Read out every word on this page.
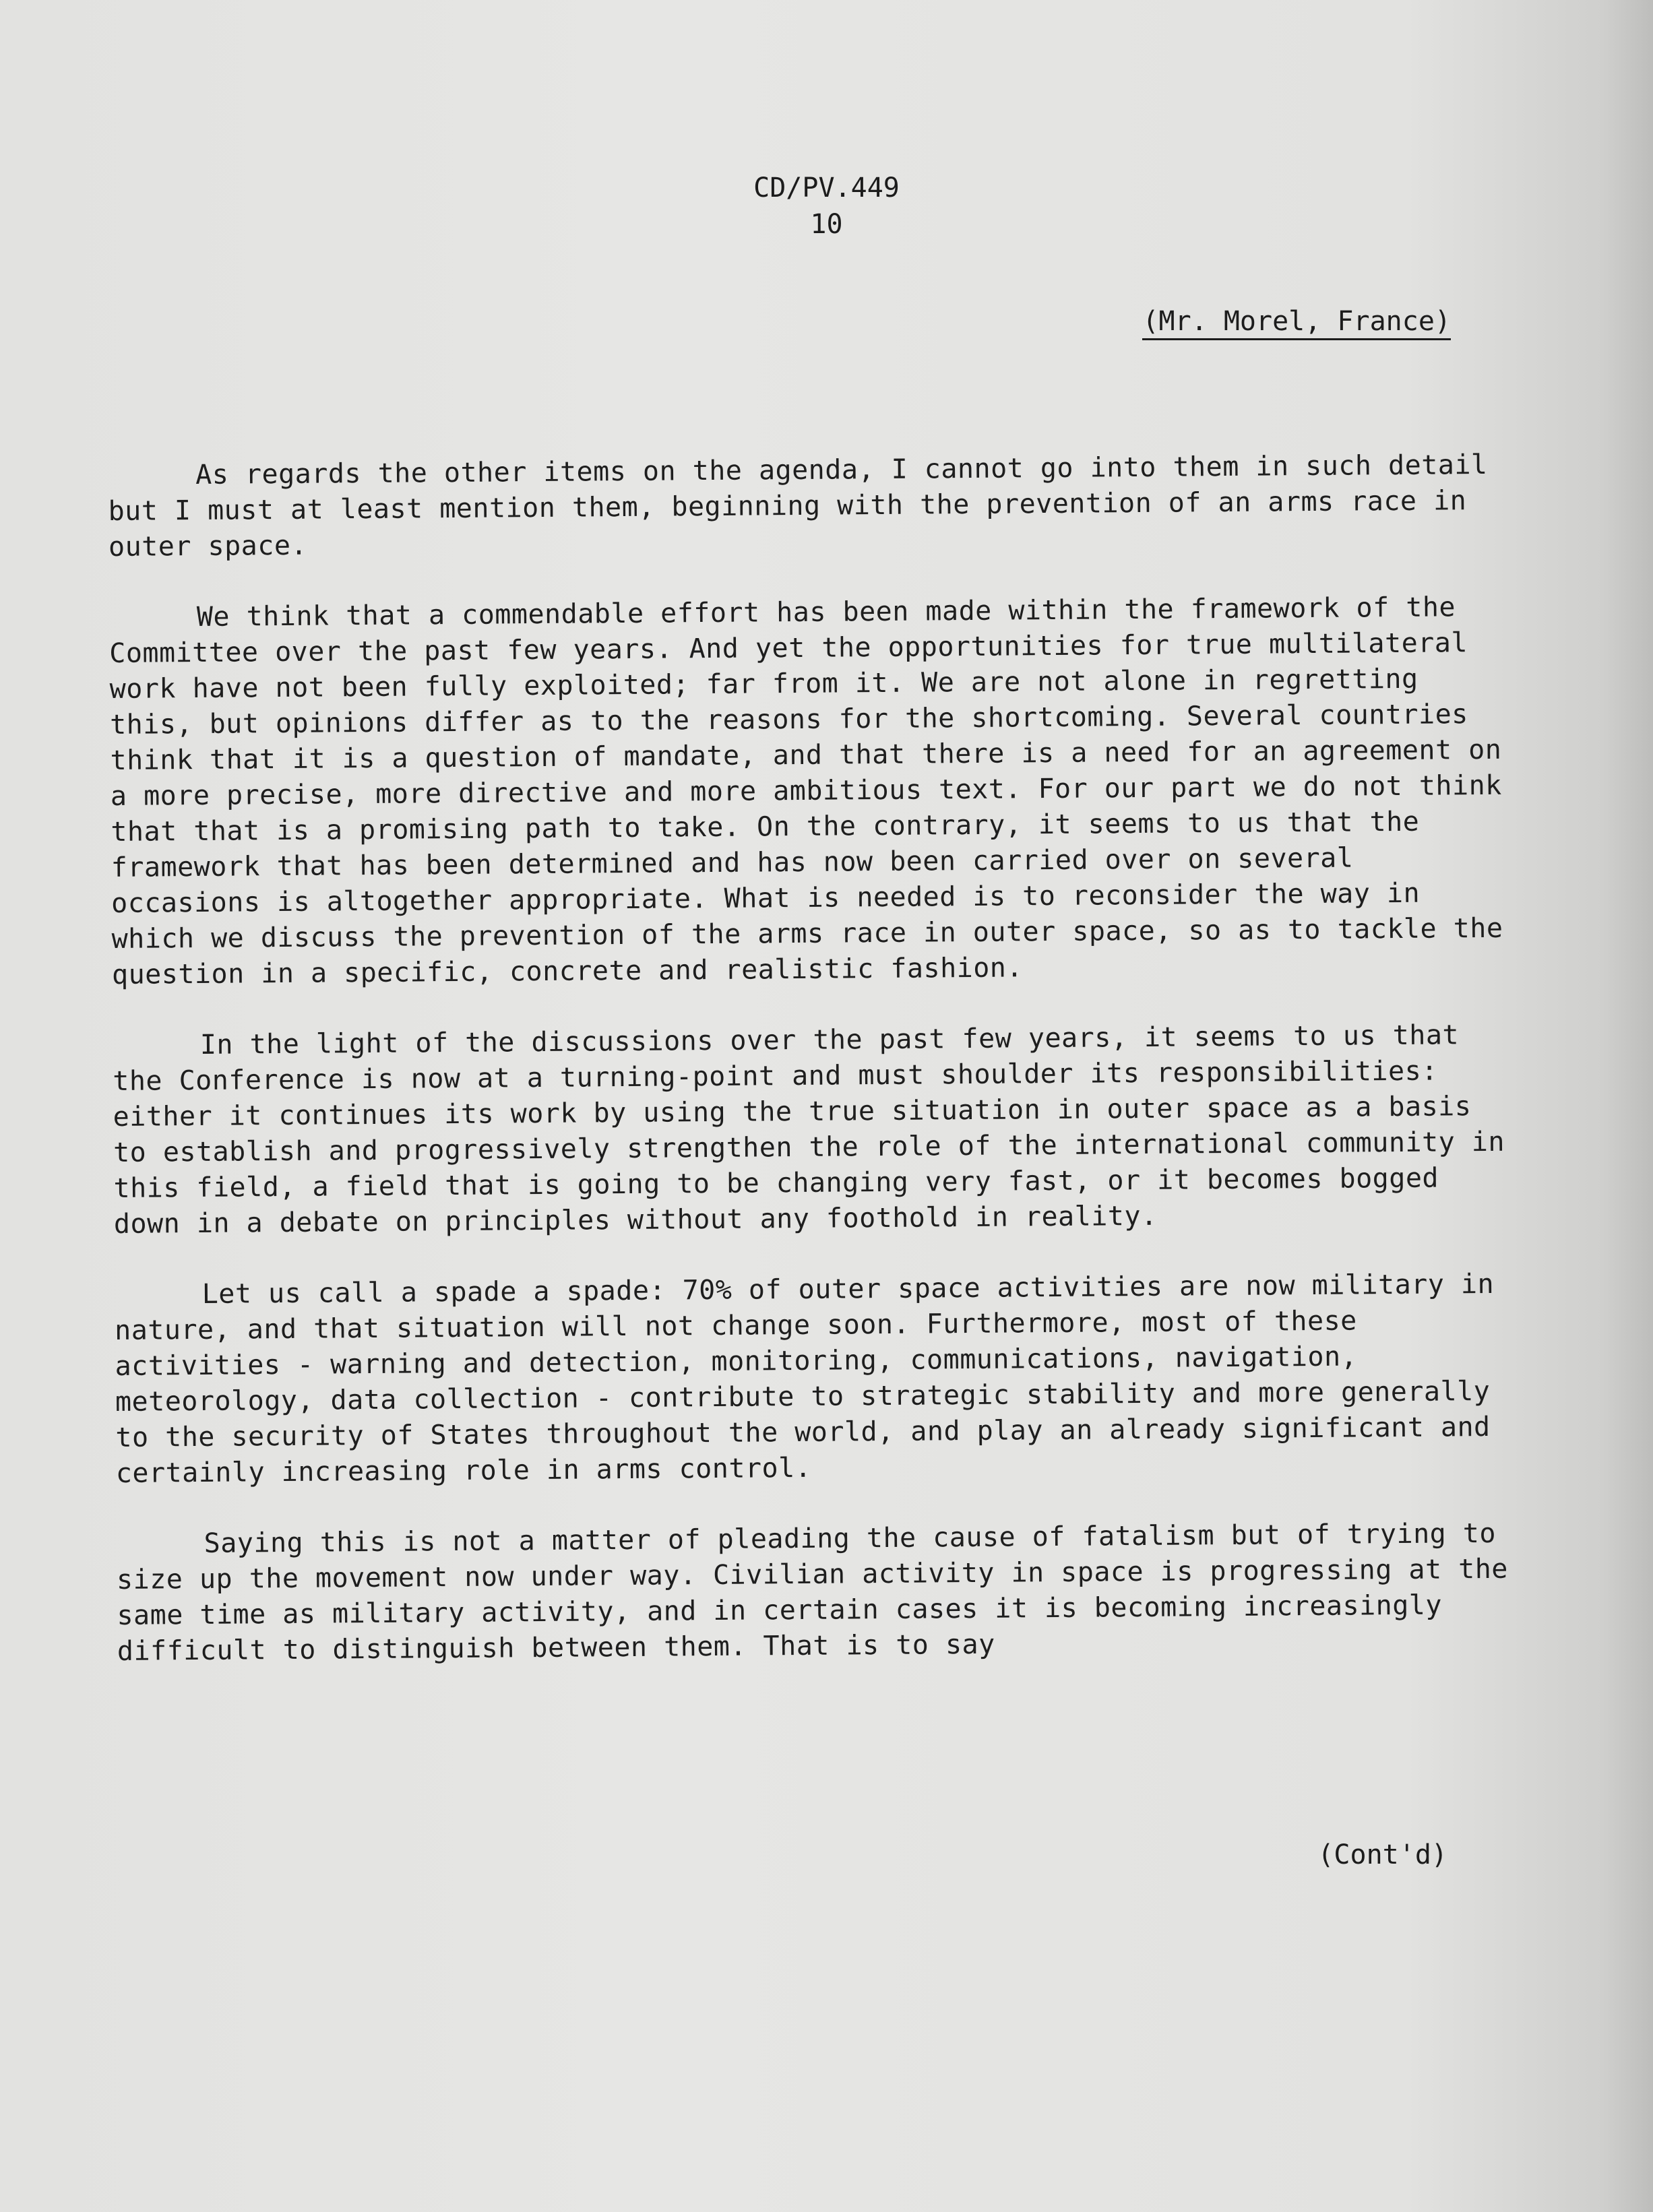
CD/PV.449
10
(Mr. Morel, France)

As regards the other items on the agenda, I cannot go into them in such detail but I must at least mention them, beginning with the prevention of an arms race in outer space.

We think that a commendable effort has been made within the framework of the Committee over the past few years. And yet the opportunities for true multilateral work have not been fully exploited; far from it. We are not alone in regretting this, but opinions differ as to the reasons for the shortcoming. Several countries think that it is a question of mandate, and that there is a need for an agreement on a more precise, more directive and more ambitious text. For our part we do not think that that is a promising path to take. On the contrary, it seems to us that the framework that has been determined and has now been carried over on several occasions is altogether appropriate. What is needed is to reconsider the way in which we discuss the prevention of the arms race in outer space, so as to tackle the question in a specific, concrete and realistic fashion.

In the light of the discussions over the past few years, it seems to us that the Conference is now at a turning-point and must shoulder its responsibilities: either it continues its work by using the true situation in outer space as a basis to establish and progressively strengthen the role of the international community in this field, a field that is going to be changing very fast, or it becomes bogged down in a debate on principles without any foothold in reality.

Let us call a spade a spade: 70% of outer space activities are now military in nature, and that situation will not change soon. Furthermore, most of these activities - warning and detection, monitoring, communications, navigation, meteorology, data collection - contribute to strategic stability and more generally to the security of States throughout the world, and play an already significant and certainly increasing role in arms control.

Saying this is not a matter of pleading the cause of fatalism but of trying to size up the movement now under way. Civilian activity in space is progressing at the same time as military activity, and in certain cases it is becoming increasingly difficult to distinguish between them. That is to say

(Cont'd)
